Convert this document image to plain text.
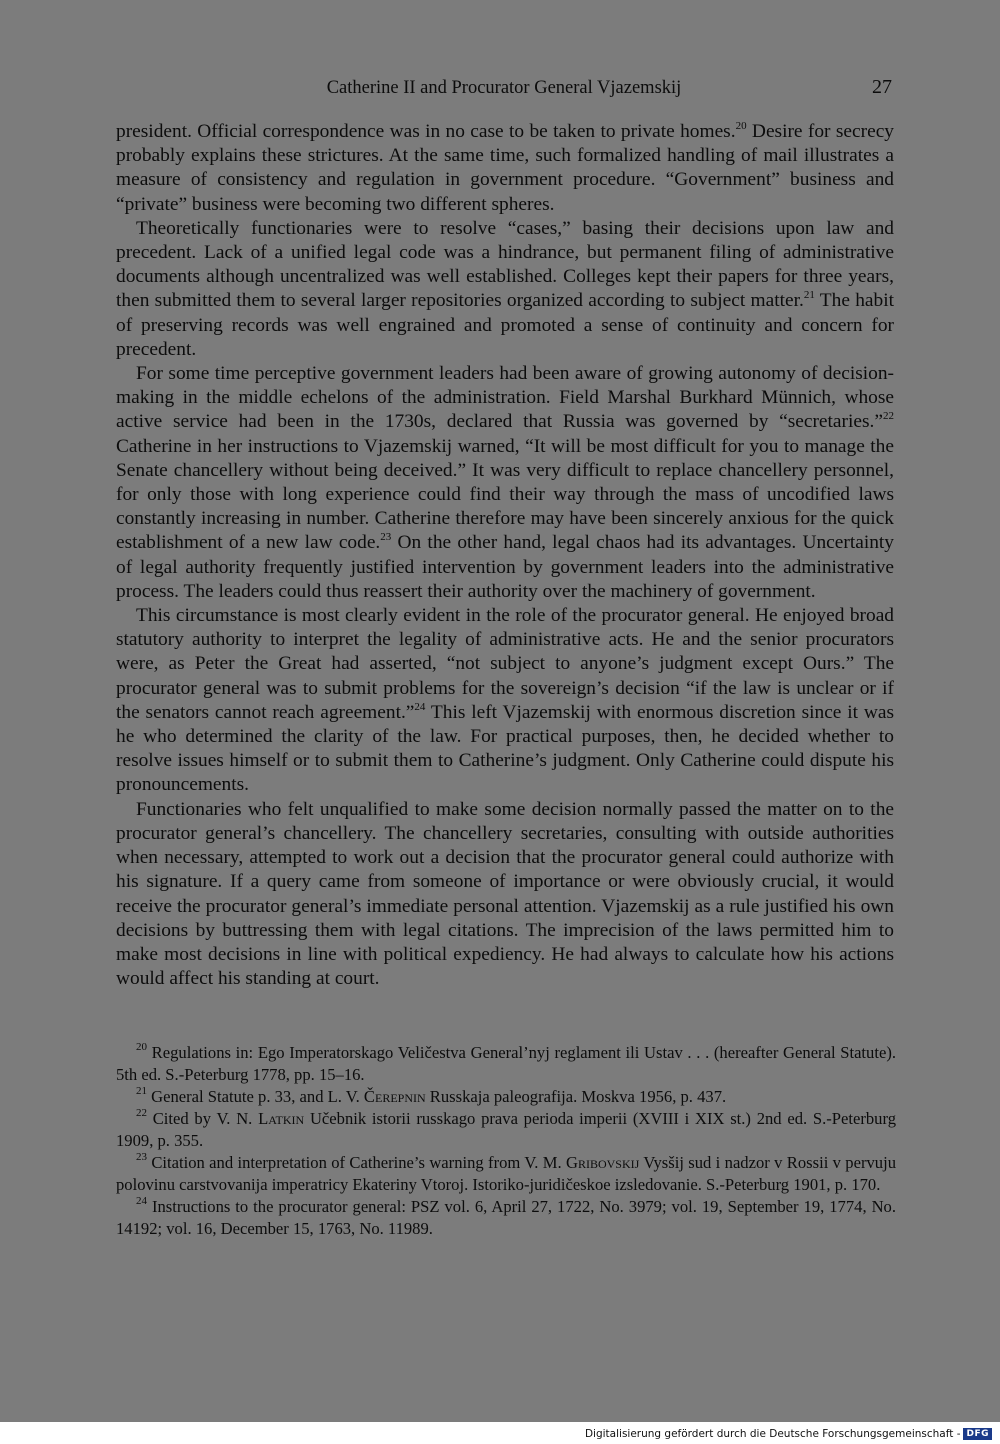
Catherine II and Procurator General Vjazemskij	27

president. Official correspondence was in no case to be taken to private homes.$^{20}$ Desire for secrecy probably explains these strictures. At the same time, such formalized handling of mail illustrates a measure of consistency and regulation in government procedure. “Government” business and “private” business were becoming two different spheres.

Theoretically functionaries were to resolve “cases,” basing their decisions upon law and precedent. Lack of a unified legal code was a hindrance, but permanent filing of administrative documents although uncentralized was well established. Colleges kept their papers for three years, then submitted them to several larger repositories organized according to subject matter.$^{21}$ The habit of preserving records was well engrained and promoted a sense of continuity and concern for precedent.

For some time perceptive government leaders had been aware of growing autonomy of decision-making in the middle echelons of the administration. Field Marshal Burkhard Münnich, whose active service had been in the 1730s, declared that Russia was governed by “secretaries.”$^{22}$ Catherine in her instructions to Vjazemskij warned, “It will be most difficult for you to manage the Senate chancellery without being deceived.” It was very difficult to replace chancellery personnel, for only those with long experience could find their way through the mass of uncodified laws constantly increasing in number. Catherine therefore may have been sincerely anxious for the quick establishment of a new law code.$^{23}$ On the other hand, legal chaos had its advantages. Uncertainty of legal authority frequently justified intervention by government leaders into the administrative process. The leaders could thus reassert their authority over the machinery of government.

This circumstance is most clearly evident in the role of the procurator general. He enjoyed broad statutory authority to interpret the legality of administrative acts. He and the senior procurators were, as Peter the Great had asserted, “not subject to anyone’s judgment except Ours.” The procurator general was to submit problems for the sovereign’s decision “if the law is unclear or if the senators cannot reach agreement.”$^{24}$ This left Vjazemskij with enormous discretion since it was he who determined the clarity of the law. For practical purposes, then, he decided whether to resolve issues himself or to submit them to Catherine’s judgment. Only Catherine could dispute his pronouncements.

Functionaries who felt unqualified to make some decision normally passed the matter on to the procurator general’s chancellery. The chancellery secretaries, consulting with outside authorities when necessary, attempted to work out a decision that the procurator general could authorize with his signature. If a query came from someone of importance or were obviously crucial, it would receive the procurator general’s immediate personal attention. Vjazemskij as a rule justified his own decisions by buttressing them with legal citations. The imprecision of the laws permitted him to make most decisions in line with political expediency. He had always to calculate how his actions would affect his standing at court.

$^{20}$ Regulations in: Ego Imperatorskago Veličestva General’nyj reglament ili Ustav . . . (hereafter General Statute). 5th ed. S.-Peterburg 1778, pp. 15–16.

$^{21}$ General Statute p. 33, and L. V. Čerepnin Russkaja paleografija. Moskva 1956, p. 437.

$^{22}$ Cited by V. N. Latkin Učebnik istorii russkago prava perioda imperii (XVIII i XIX st.) 2nd ed. S.-Peterburg 1909, p. 355.

$^{23}$ Citation and interpretation of Catherine’s warning from V. M. Gribovskij Vysšij sud i nadzor v Rossii v pervuju polovinu carstvovanija imperatricy Ekateriny Vtoroj. Istoriko-juridičeskoe izsledovanie. S.-Peterburg 1901, p. 170.

$^{24}$ Instructions to the procurator general: PSZ vol. 6, April 27, 1722, No. 3979; vol. 19, September 19, 1774, No. 14192; vol. 16, December 15, 1763, No. 11989.

Digitalisierung gefördert durch die Deutsche Forschungsgemeinschaft - DFG
